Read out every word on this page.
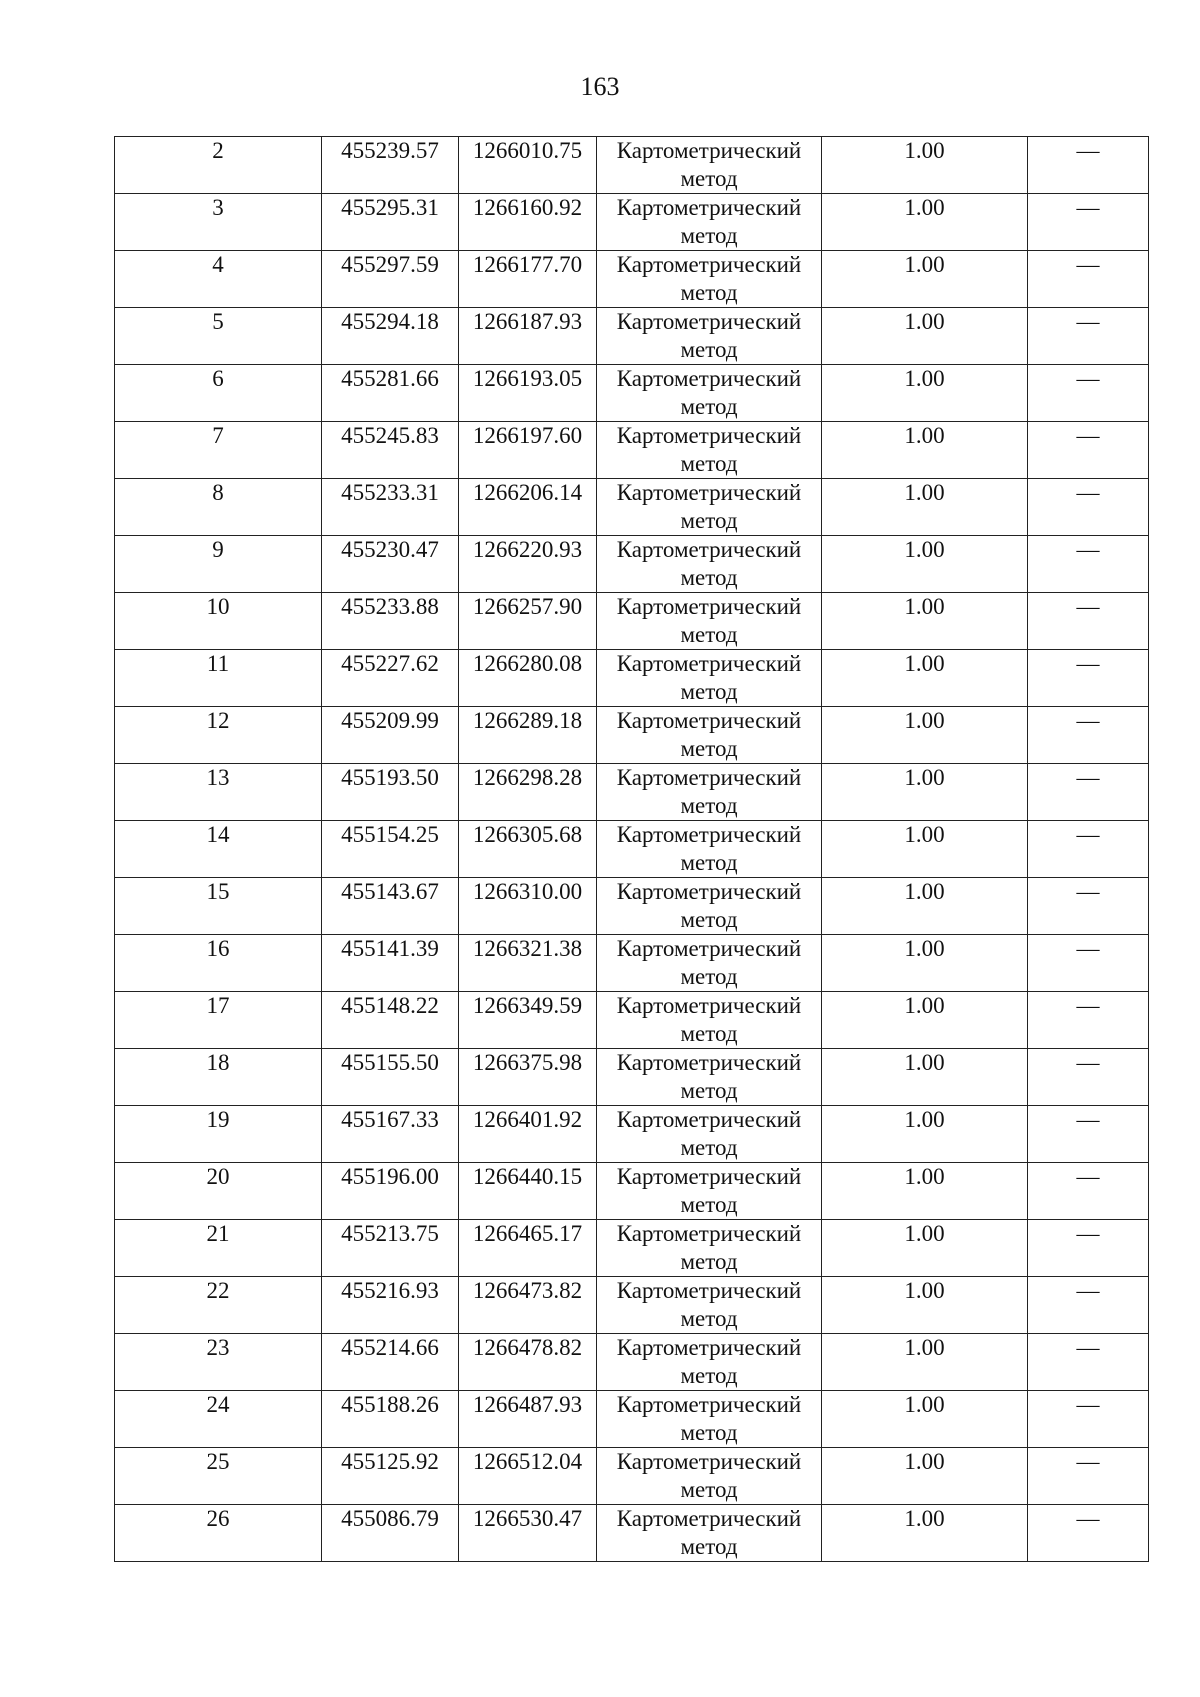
163
2	455239.57	1266010.75	Картометрический метод	1.00	—

3	455295.31	1266160.92	Картометрический метод	1.00	—

4	455297.59	1266177.70	Картометрический метод	1.00	—

5	455294.18	1266187.93	Картометрический метод	1.00	—

6	455281.66	1266193.05	Картометрический метод	1.00	—

7	455245.83	1266197.60	Картометрический метод	1.00	—

8	455233.31	1266206.14	Картометрический метод	1.00	—

9	455230.47	1266220.93	Картометрический метод	1.00	—

10	455233.88	1266257.90	Картометрический метод	1.00	—

11	455227.62	1266280.08	Картометрический метод	1.00	—

12	455209.99	1266289.18	Картометрический метод	1.00	—

13	455193.50	1266298.28	Картометрический метод	1.00	—

14	455154.25	1266305.68	Картометрический метод	1.00	—

15	455143.67	1266310.00	Картометрический метод	1.00	—

16	455141.39	1266321.38	Картометрический метод	1.00	—

17	455148.22	1266349.59	Картометрический метод	1.00	—

18	455155.50	1266375.98	Картометрический метод	1.00	—

19	455167.33	1266401.92	Картометрический метод	1.00	—

20	455196.00	1266440.15	Картометрический метод	1.00	—

21	455213.75	1266465.17	Картометрический метод	1.00	—

22	455216.93	1266473.82	Картометрический метод	1.00	—

23	455214.66	1266478.82	Картометрический метод	1.00	—

24	455188.26	1266487.93	Картометрический метод	1.00	—

25	455125.92	1266512.04	Картометрический метод	1.00	—

26	455086.79	1266530.47	Картометрический метод	1.00	—
